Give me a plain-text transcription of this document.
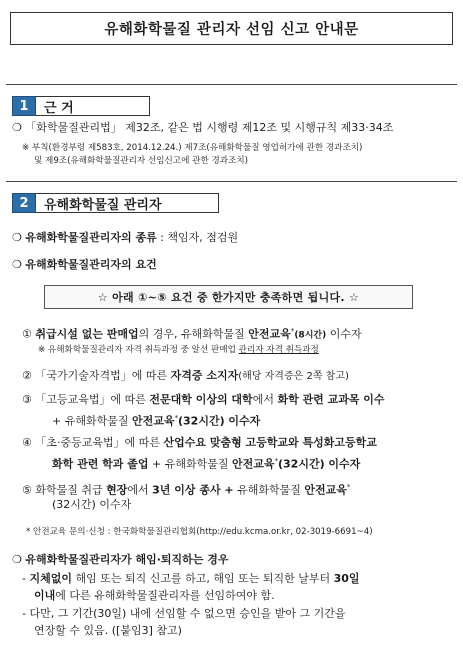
유해화학물질 관리자 선임 신고 안내문
1	근 거
❍ 「화학물질관리법」 제32조, 같은 법 시행령 제12조 및 시행규칙 제33·34조
※ 부칙(환경부령 제583호, 2014.12.24.) 제7조(유해화학물질 영업허가에 관한 경과조치)
및 제9조(유해화학물질관리자 선임신고에 관한 경과조치)
2	유해화학물질 관리자
❍ 유해화학물질관리자의 종류 : 책임자, 점검원
❍ 유해화학물질관리자의 요건
☆ 아래 ①~⑤ 요건 중 한가지만 충족하면 됩니다. ☆
① 취급시설 없는 판매업의 경우, 유해화학물질 안전교육*(8시간) 이수자
※ 유해화학물질관리자 자격 취득과정 중 알선 판매업 관리자 자격 취득과정
② 「국가기술자격법」에 따른 자격증 소지자(해당 자격증은 2쪽 참고)
③ 「고등교육법」에 따른 전문대학 이상의 대학에서 화학 관련 교과목 이수
+ 유해화학물질 안전교육*(32시간) 이수자
④ 「초·중등교육법」에 따른 산업수요 맞춤형 고등학교와 특성화고등학교
화학 관련 학과 졸업 + 유해화학물질 안전교육*(32시간) 이수자
⑤ 화학물질 취급 현장에서 3년 이상 종사 + 유해화학물질 안전교육*
(32시간) 이수자
* 안전교육 문의·신청 : 한국화학물질관리협회(http://edu.kcma.or.kr, 02-3019-6691~4)
❍ 유해화학물질관리자가 해임·퇴직하는 경우
- 지체없이 해임 또는 퇴직 신고를 하고, 해임 또는 퇴직한 날부터 30일
이내에 다른 유해화학물질관리자를 선임하여야 함.
- 다만, 그 기간(30일) 내에 선임할 수 없으면 승인을 받아 그 기간을
연장할 수 있음. ([붙임3] 참고)
